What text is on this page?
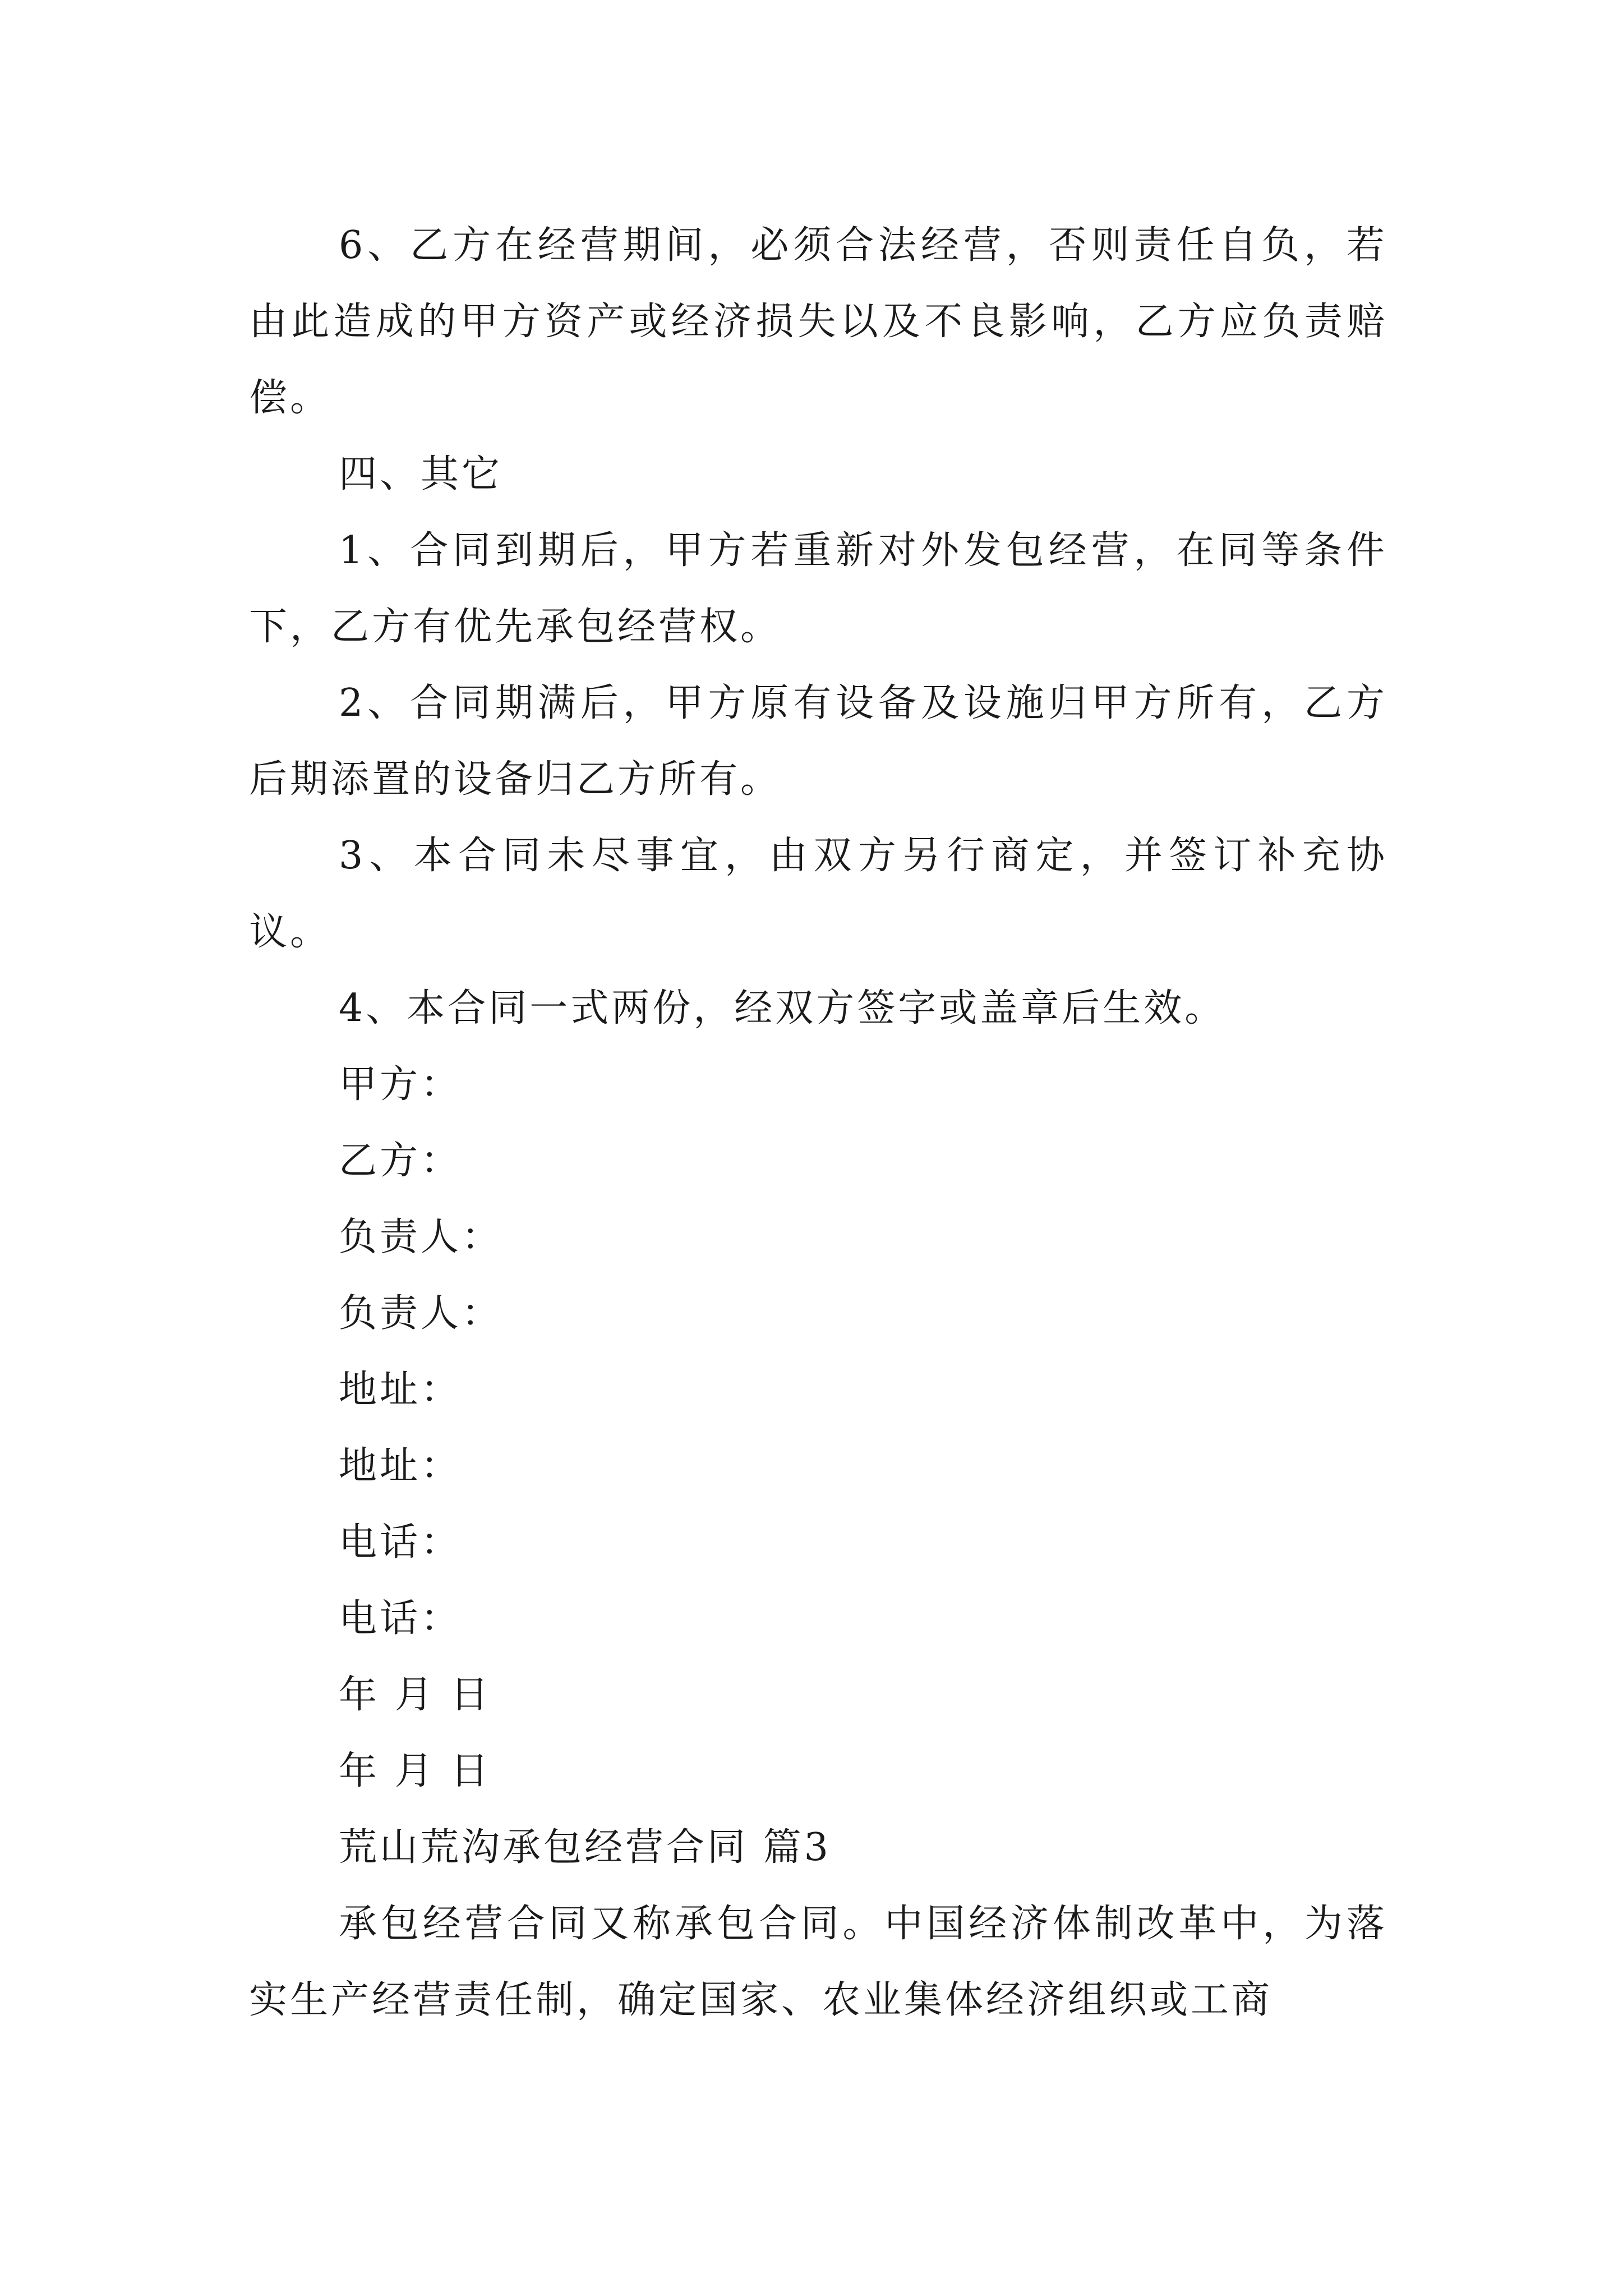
6、乙方在经营期间，必须合法经营，否则责任自负，若由此造成的甲方资产或经济损失以及不良影响，乙方应负责赔偿。

四、其它

1、合同到期后，甲方若重新对外发包经营，在同等条件下，乙方有优先承包经营权。

2、合同期满后，甲方原有设备及设施归甲方所有，乙方后期添置的设备归乙方所有。

3、本合同未尽事宜，由双方另行商定，并签订补充协议。

4、本合同一式两份，经双方签字或盖章后生效。

甲方：

乙方：

负责人：

负责人：

地址：

地址：

电话：

电话：

年 月 日

年 月 日

荒山荒沟承包经营合同 篇3

承包经营合同又称承包合同。中国经济体制改革中，为落实生产经营责任制，确定国家、农业集体经济组织或工商
